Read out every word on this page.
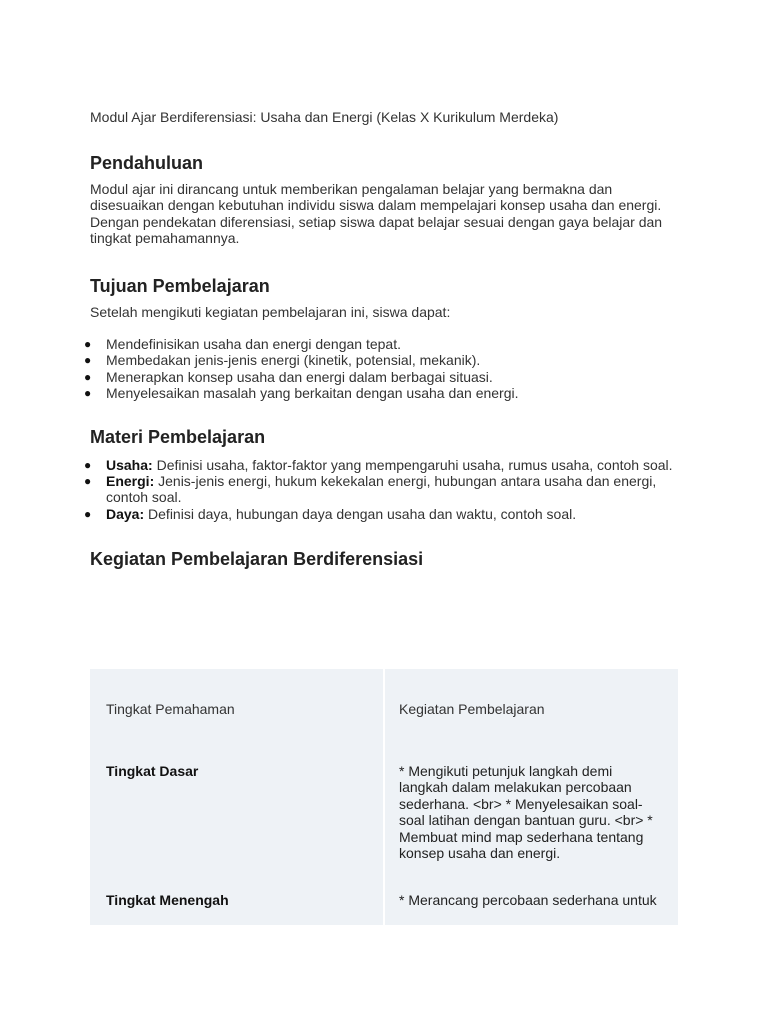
Modul Ajar Berdiferensiasi: Usaha dan Energi (Kelas X Kurikulum Merdeka)

Pendahuluan

Modul ajar ini dirancang untuk memberikan pengalaman belajar yang bermakna dan disesuaikan dengan kebutuhan individu siswa dalam mempelajari konsep usaha dan energi. Dengan pendekatan diferensiasi, setiap siswa dapat belajar sesuai dengan gaya belajar dan tingkat pemahamannya.

Tujuan Pembelajaran

Setelah mengikuti kegiatan pembelajaran ini, siswa dapat:

● Mendefinisikan usaha dan energi dengan tepat.
● Membedakan jenis-jenis energi (kinetik, potensial, mekanik).
● Menerapkan konsep usaha dan energi dalam berbagai situasi.
● Menyelesaikan masalah yang berkaitan dengan usaha dan energi.
Materi Pembelajaran
● Usaha: Definisi usaha, faktor-faktor yang mempengaruhi usaha, rumus usaha, contoh soal.
● Energi: Jenis-jenis energi, hukum kekekalan energi, hubungan antara usaha dan energi, contoh soal.
● Daya: Definisi daya, hubungan daya dengan usaha dan waktu, contoh soal.
Kegiatan Pembelajaran Berdiferensiasi
Tingkat Pemahaman	Kegiatan Pembelajaran
Tingkat Dasar	* Mengikuti petunjuk langkah demi langkah dalam melakukan percobaan sederhana. <br> * Menyelesaikan soal-soal latihan dengan bantuan guru. <br> * Membuat mind map sederhana tentang konsep usaha dan energi.
Tingkat Menengah	* Merancang percobaan sederhana untuk
